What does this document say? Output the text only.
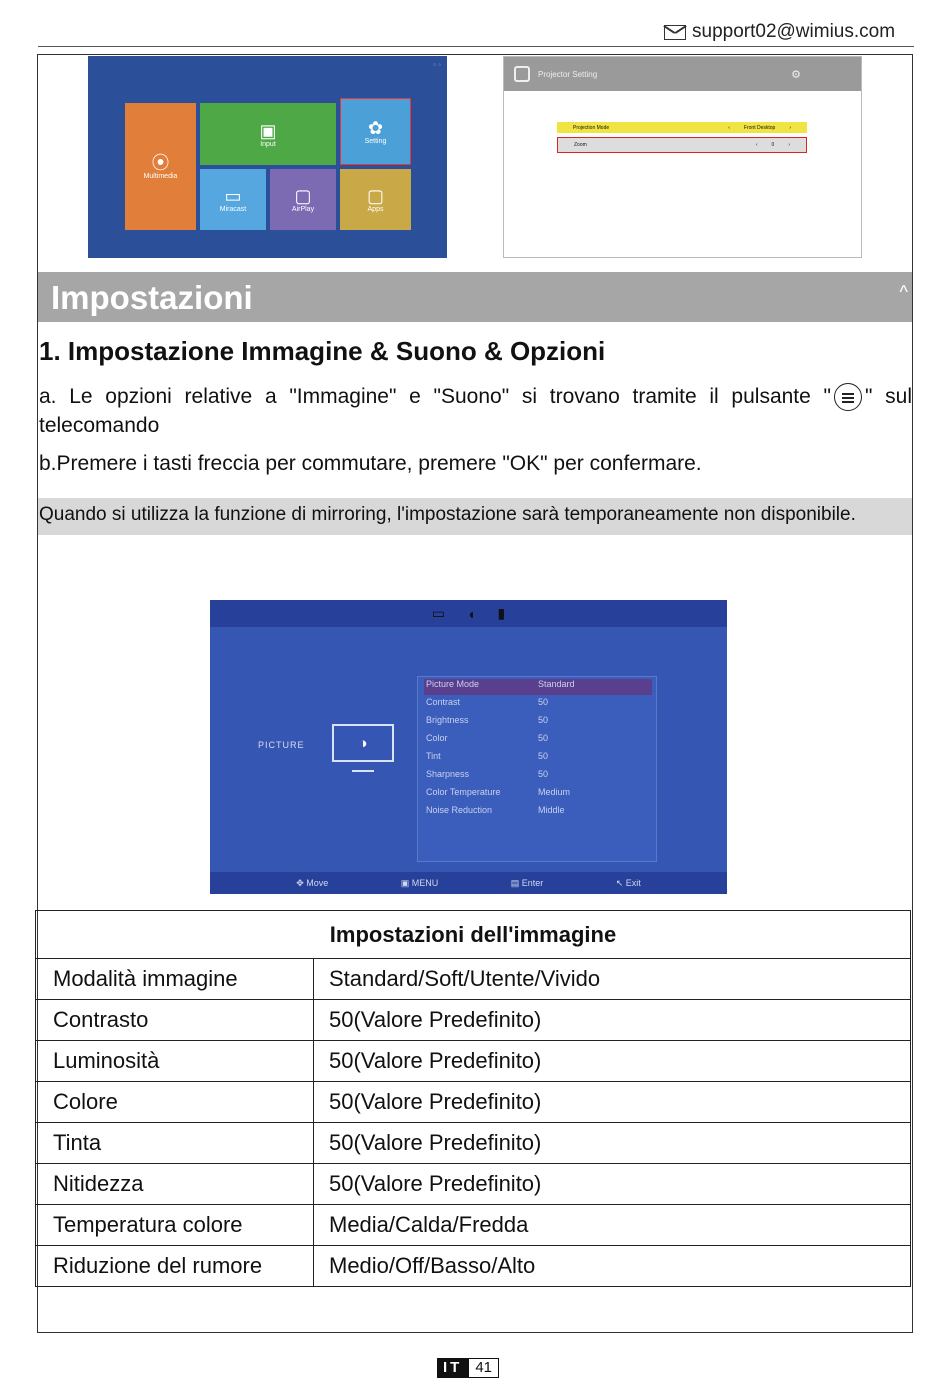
support02@wimius.com
◦ ◦
⦿
Multimedia
▣
Input
✿
Setting
▭
Miracast
▢
AirPlay
▢
Apps
Projector Setting	⚙
Projection Mode	‹	Front Desktop	›
Zoom	‹	0	›
^
Impostazioni
1. Impostazione Immagine & Suono & Opzioni
a. Le opzioni relative a "Immagine" e "Suono" si trovano tramite il pulsante " " sul telecomando
b.Premere i tasti freccia per commutare, premere "OK" per confermare.
Quando si utilizza la funzione di mirroring, l'impostazione sarà temporaneamente non disponibile.
▭ ◖ ▮
PICTURE	◑
Picture Mode	Standard
Contrast	50
Brightness	50
Color	50
Tint	50
Sharpness	50
Color Temperature	Medium
Noise Reduction	Middle
✥ Move	▣ MENU	▤ Enter	↖ Exit
Impostazioni dell'immagine	
Modalità immagine	Standard/Soft/Utente/Vivido
Contrasto	50(Valore Predefinito)
Luminosità	50(Valore Predefinito)
Colore	50(Valore Predefinito)
Tinta	50(Valore Predefinito)
Nitidezza	50(Valore Predefinito)
Temperatura colore	Media/Calda/Fredda
Riduzione del rumore	Medio/Off/Basso/Alto
IT 41
